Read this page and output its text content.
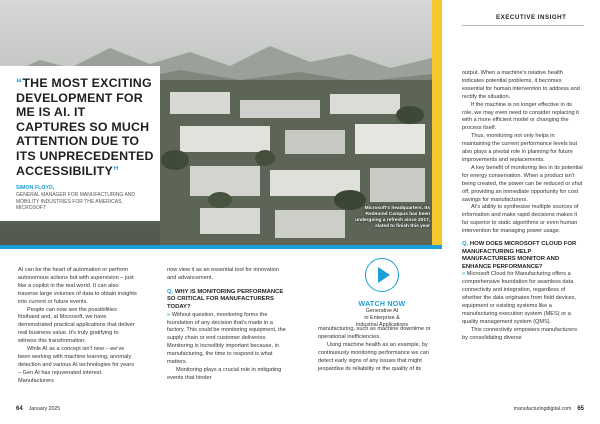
“THE MOST EXCITING DEVELOPMENT FOR ME IS AI. IT CAPTURES SO MUCH ATTENTION DUE TO ITS UNPRECEDENTED ACCESSIBILITY”
SIMON FLOYD,
GENERAL MANAGER FOR MANUFACTURING AND MOBILITY INDUSTRIES FOR THE AMERICAS, MICROSOFT	Microsoft's headquarters. Its Redmond Campus has been undergoing a refresh since 2017, slated to finish this year
EXECUTIVE INSIGHT

AI can be the heart of automation or perform autonomous actions but with supervision – just like a copilot in the real world. It can also traverse large volumes of data to obtain insights into current or future events.

People can now see the possibilities firsthand and, at Microsoft, we have demonstrated practical applications that deliver real business value. It's truly gratifying to witness this transformation.

While AI as a concept isn't new – we've been working with machine learning, anomaly detection and various AI technologies for years – Gen AI has rejuvenated interest. Manufacturers

now view it as an essential tool for innovation and advancement.

Q. WHY IS MONITORING PERFORMANCE SO CRITICAL FOR MANUFACTURERS TODAY?

» Without question, monitoring forms the foundation of any decision that's made in a factory. This could be monitoring equipment, the supply chain or end customer deliveries. Monitoring is incredibly important because, in manufacturing, the time to respond is what matters.

Monitoring plays a crucial role in mitigating events that hinder

WATCH NOW
Generative AI
in Enterprise &
Industrial Applications

manufacturing, such as machine downtime or operational inefficiencies.

Using machine health as an example, by continuously monitoring performance we can detect early signs of any issues that might jeopardise its reliability or the quality of its

output. When a machine's relative health indicates potential problems, it becomes essential for human intervention to address and rectify the situation.

If the machine is no longer effective in its role, we may even need to consider replacing it with a more efficient model or changing the process itself.

Thus, monitoring not only helps in maintaining the current performance levels but also plays a pivotal role in planning for future improvements and replacements.

A key benefit of monitoring lies in its potential for energy conservation. When a product isn't being created, the power can be reduced or shut off, providing an immediate opportunity for cost savings for manufacturers.

AI's ability to synthesise multiple sources of information and make rapid decisions makes it far superior to static algorithms or even human intervention for managing power usage.

Q. HOW DOES MICROSOFT CLOUD FOR MANUFACTURING HELP MANUFACTURERS MONITOR AND ENHANCE PERFORMANCE?

» Microsoft Cloud for Manufacturing offers a comprehensive foundation for seamless data connectivity and integration, regardless of whether the data originates from field devices, equipment or existing systems like a manufacturing execution system (MES) or a quality management system (QMS).

This connectivity empowers manufacturers by consolidating diverse

64 January 2025	manufacturingdigital.com 65
